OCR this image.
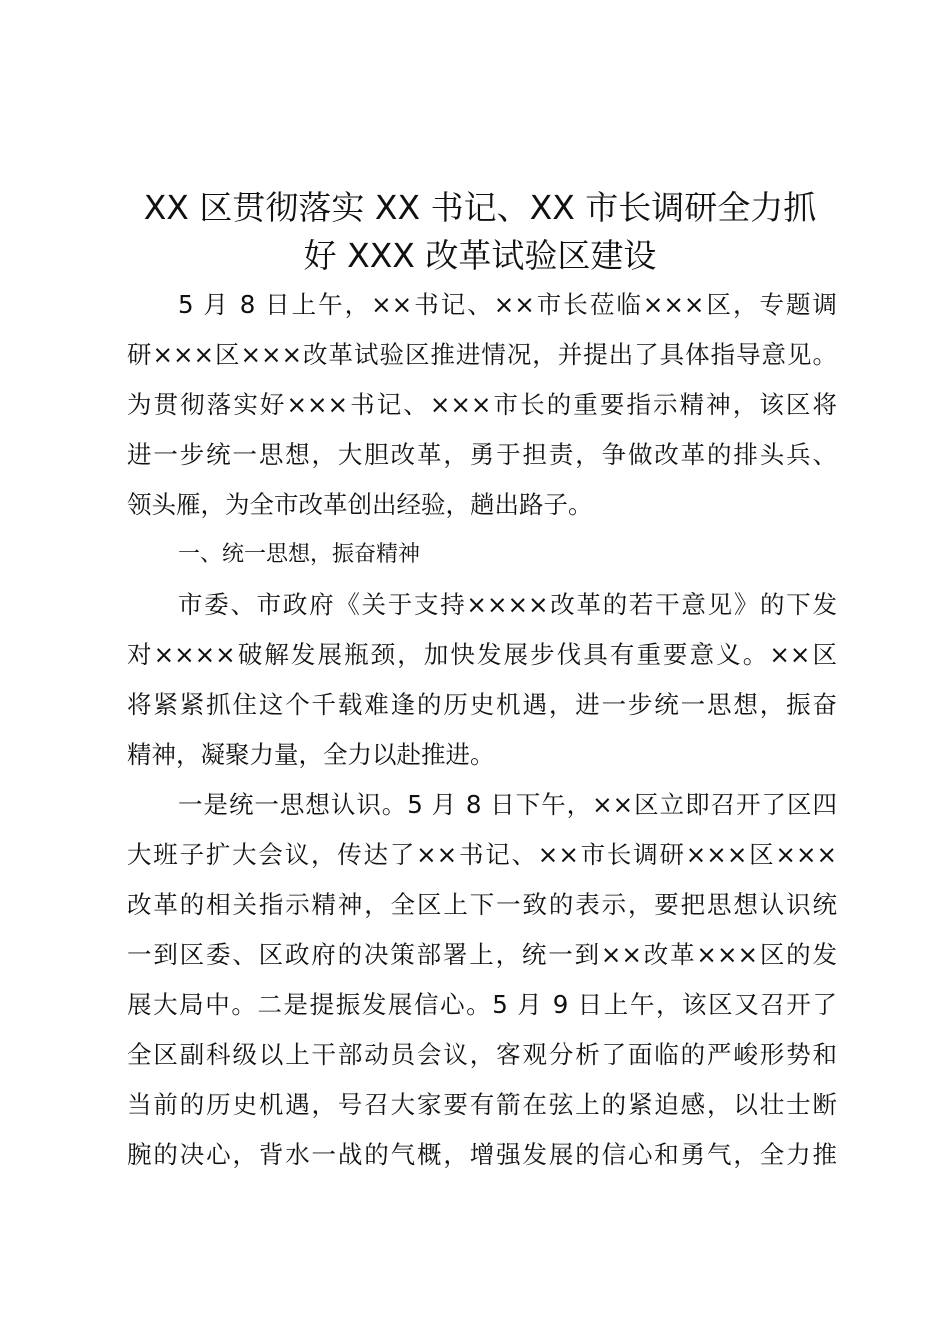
XX 区贯彻落实 XX 书记、XX 市长调研全力抓
好 XXX 改革试验区建设

5 月 8 日上午，××书记、××市长莅临×××区，专题调

研×××区×××改革试验区推进情况，并提出了具体指导意见。

为贯彻落实好×××书记、×××市长的重要指示精神，该区将

进一步统一思想，大胆改革，勇于担责，争做改革的排头兵、

领头雁，为全市改革创出经验，趟出路子。

一、统一思想，振奋精神

市委、市政府《关于支持××××改革的若干意见》的下发

对××××破解发展瓶颈，加快发展步伐具有重要意义。××区

将紧紧抓住这个千载难逢的历史机遇，进一步统一思想，振奋

精神，凝聚力量，全力以赴推进。

一是统一思想认识。5 月 8 日下午，××区立即召开了区四

大班子扩大会议，传达了××书记、××市长调研×××区×××

改革的相关指示精神，全区上下一致的表示，要把思想认识统

一到区委、区政府的决策部署上，统一到××改革×××区的发

展大局中。二是提振发展信心。5 月 9 日上午，该区又召开了

全区副科级以上干部动员会议，客观分析了面临的严峻形势和

当前的历史机遇，号召大家要有箭在弦上的紧迫感，以壮士断

腕的决心，背水一战的气概，增强发展的信心和勇气，全力推
